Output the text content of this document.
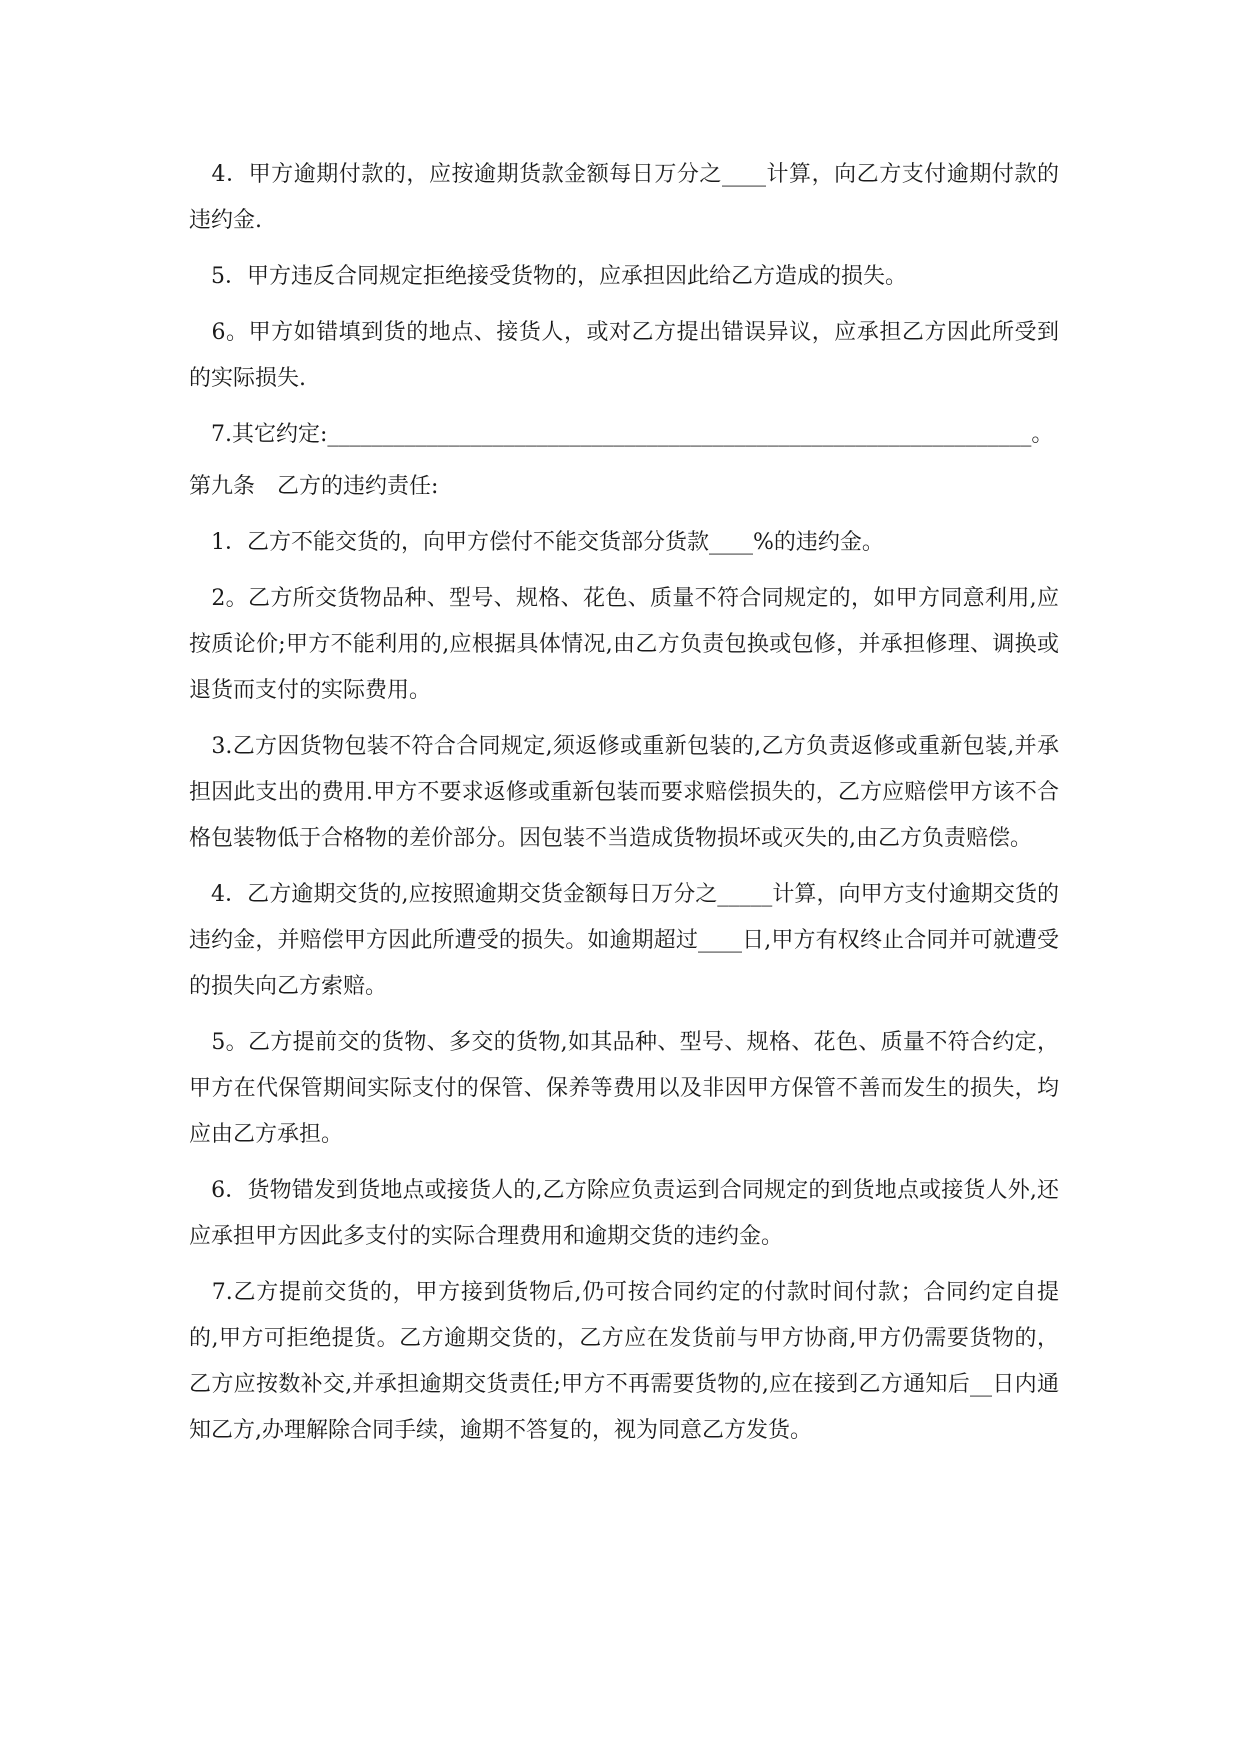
　4．甲方逾期付款的，应按逾期货款金额每日万分之____计算，向乙方支付逾期付款的违约金.

　5．甲方违反合同规定拒绝接受货物的，应承担因此给乙方造成的损失。

　6。甲方如错填到货的地点、接货人，或对乙方提出错误异议，应承担乙方因此所受到的实际损失.

　7.其它约定:________________________________________________________________。

第九条　乙方的违约责任:

　1．乙方不能交货的，向甲方偿付不能交货部分货款____%的违约金。

　2。乙方所交货物品种、型号、规格、花色、质量不符合同规定的，如甲方同意利用,应按质论价;甲方不能利用的,应根据具体情况,由乙方负责包换或包修，并承担修理、调换或退货而支付的实际费用。

　3.乙方因货物包装不符合合同规定,须返修或重新包装的,乙方负责返修或重新包装,并承担因此支出的费用.甲方不要求返修或重新包装而要求赔偿损失的，乙方应赔偿甲方该不合格包装物低于合格物的差价部分。因包装不当造成货物损坏或灭失的,由乙方负责赔偿。

　4．乙方逾期交货的,应按照逾期交货金额每日万分之_____计算，向甲方支付逾期交货的违约金，并赔偿甲方因此所遭受的损失。如逾期超过____日,甲方有权终止合同并可就遭受的损失向乙方索赔。

　5。乙方提前交的货物、多交的货物,如其品种、型号、规格、花色、质量不符合约定，甲方在代保管期间实际支付的保管、保养等费用以及非因甲方保管不善而发生的损失，均应由乙方承担。

　6．货物错发到货地点或接货人的,乙方除应负责运到合同规定的到货地点或接货人外,还应承担甲方因此多支付的实际合理费用和逾期交货的违约金。

　7.乙方提前交货的，甲方接到货物后,仍可按合同约定的付款时间付款；合同约定自提的,甲方可拒绝提货。乙方逾期交货的，乙方应在发货前与甲方协商,甲方仍需要货物的，乙方应按数补交,并承担逾期交货责任;甲方不再需要货物的,应在接到乙方通知后__日内通知乙方,办理解除合同手续，逾期不答复的，视为同意乙方发货。
